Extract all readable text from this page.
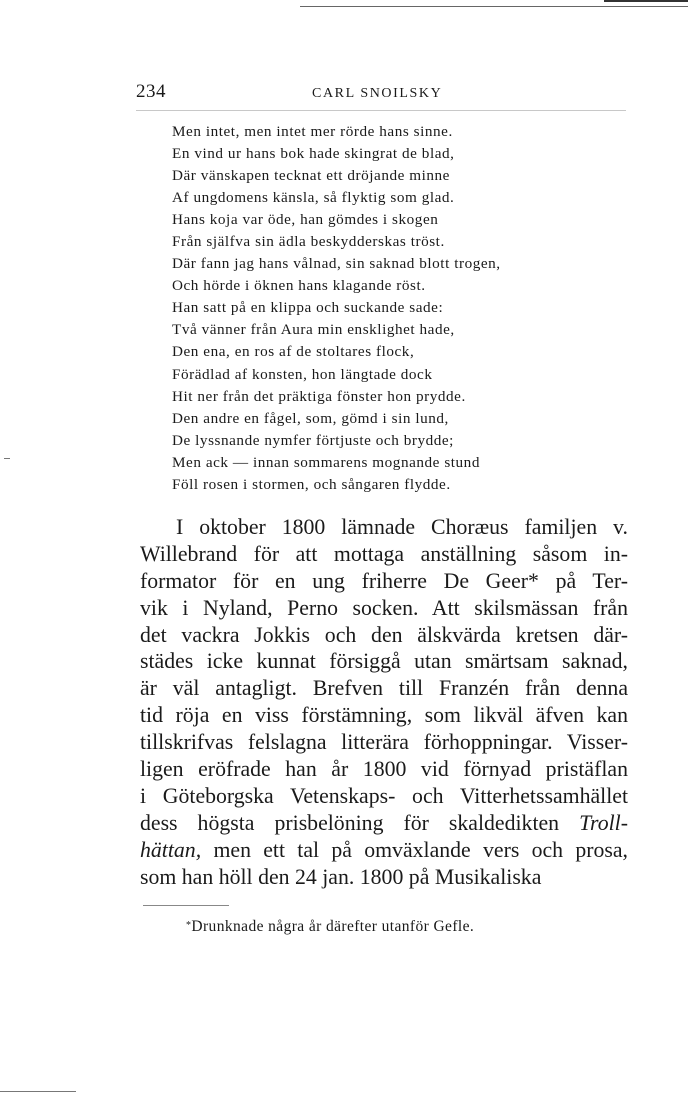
234	CARL SNOILSKY
Men intet, men intet mer rörde hans sinne.
En vind ur hans bok hade skingrat de blad,
Där vänskapen tecknat ett dröjande minne
Af ungdomens känsla, så flyktig som glad.
Hans koja var öde, han gömdes i skogen
Från själfva sin ädla beskydderskas tröst.
Där fann jag hans vålnad, sin saknad blott trogen,
Och hörde i öknen hans klagande röst.
Han satt på en klippa och suckande sade:
Två vänner från Aura min ensklighet hade,
Den ena, en ros af de stoltares flock,
Förädlad af konsten, hon längtade dock
Hit ner från det präktiga fönster hon prydde.
Den andre en fågel, som, gömd i sin lund,
De lyssnande nymfer förtjuste och brydde;
Men ack — innan sommarens mognande stund
Föll rosen i stormen, och sångaren flydde.
I oktober 1800 lämnade Choræus familjen v.
Willebrand för att mottaga anställning såsom in-
formator för en ung friherre De Geer* på Ter-
vik i Nyland, Perno socken. Att skilsmässan från
det vackra Jokkis och den älskvärda kretsen där-
städes icke kunnat försiggå utan smärtsam saknad,
är väl antagligt. Brefven till Franzén från denna
tid röja en viss förstämning, som likväl äfven kan
tillskrifvas felslagna litterära förhoppningar. Visser-
ligen eröfrade han år 1800 vid förnyad pristäflan
i Göteborgska Vetenskaps- och Vitterhetssamhället
dess högsta prisbelöning för skaldedikten Troll-
hättan, men ett tal på omväxlande vers och prosa,
som han höll den 24 jan. 1800 på Musikaliska
*Drunknade några år därefter utanför Gefle.
